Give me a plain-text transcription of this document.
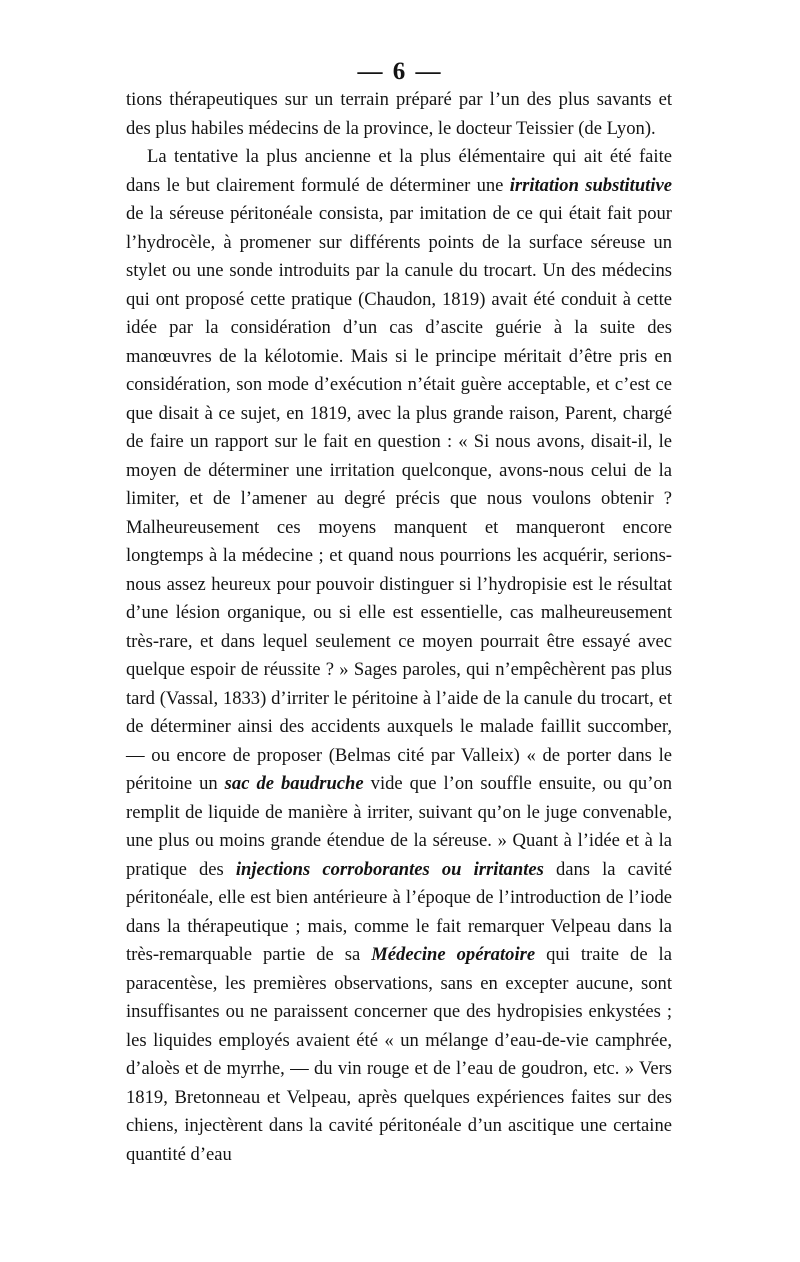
— 6 —

tions thérapeutiques sur un terrain préparé par l’un des plus savants et des plus habiles médecins de la province, le docteur Teissier (de Lyon).

La tentative la plus ancienne et la plus élémentaire qui ait été faite dans le but clairement formulé de déterminer une irritation substitutive de la séreuse péritonéale consista, par imitation de ce qui était fait pour l’hydrocèle, à promener sur différents points de la surface séreuse un stylet ou une sonde introduits par la canule du trocart. Un des médecins qui ont proposé cette pratique (Chaudon, 1819) avait été conduit à cette idée par la considération d’un cas d’ascite guérie à la suite des manœuvres de la kélotomie. Mais si le principe méritait d’être pris en considération, son mode d’exécution n’était guère acceptable, et c’est ce que disait à ce sujet, en 1819, avec la plus grande raison, Parent, chargé de faire un rapport sur le fait en question : « Si nous avons, disait-il, le moyen de déterminer une irritation quelconque, avons-nous celui de la limiter, et de l’amener au degré précis que nous voulons obtenir ? Malheureusement ces moyens manquent et manqueront encore longtemps à la médecine ; et quand nous pourrions les acquérir, serions-nous assez heureux pour pouvoir distinguer si l’hydropisie est le résultat d’une lésion organique, ou si elle est essentielle, cas malheureusement très-rare, et dans lequel seulement ce moyen pourrait être essayé avec quelque espoir de réussite ? » Sages paroles, qui n’empêchèrent pas plus tard (Vassal, 1833) d’irriter le péritoine à l’aide de la canule du trocart, et de déterminer ainsi des accidents auxquels le malade faillit succomber, — ou encore de proposer (Belmas cité par Valleix) « de porter dans le péritoine un sac de baudruche vide que l’on souffle ensuite, ou qu’on remplit de liquide de manière à irriter, suivant qu’on le juge convenable, une plus ou moins grande étendue de la séreuse. » Quant à l’idée et à la pratique des injections corroborantes ou irritantes dans la cavité péritonéale, elle est bien antérieure à l’époque de l’introduction de l’iode dans la thérapeutique ; mais, comme le fait remarquer Velpeau dans la très-remarquable partie de sa Médecine opératoire qui traite de la paracentèse, les premières observations, sans en excepter aucune, sont insuffisantes ou ne paraissent concerner que des hydropisies enkystées ; les liquides employés avaient été « un mélange d’eau-de-vie camphrée, d’aloès et de myrrhe, — du vin rouge et de l’eau de goudron, etc. » Vers 1819, Bretonneau et Velpeau, après quelques expériences faites sur des chiens, injectèrent dans la cavité péritonéale d’un ascitique une certaine quantité d’eau
